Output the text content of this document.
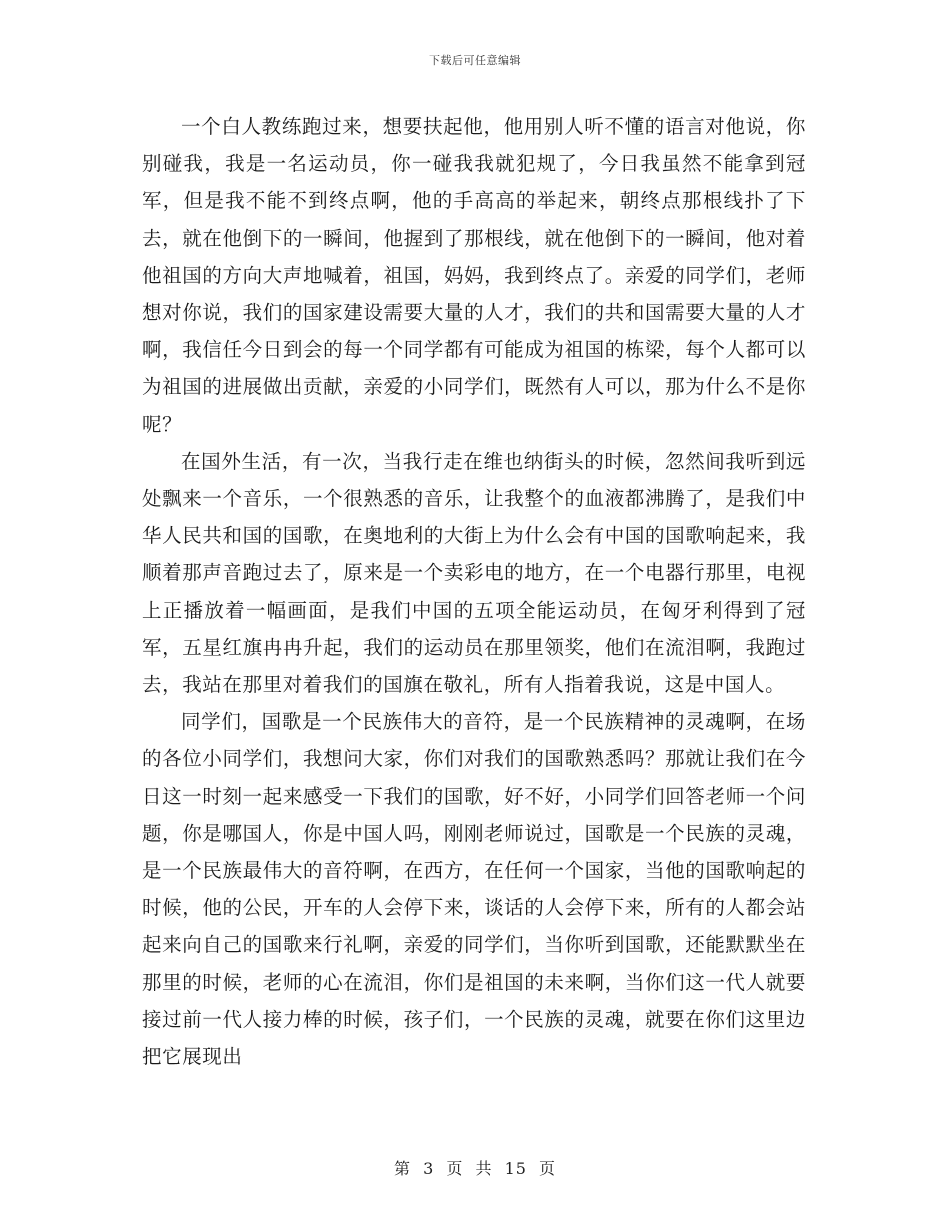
下载后可任意编辑

一个白人教练跑过来，想要扶起他，他用别人听不懂的语言对他说，你别碰我，我是一名运动员，你一碰我我就犯规了，今日我虽然不能拿到冠军，但是我不能不到终点啊，他的手高高的举起来，朝终点那根线扑了下去，就在他倒下的一瞬间，他握到了那根线，就在他倒下的一瞬间，他对着他祖国的方向大声地喊着，祖国，妈妈，我到终点了。亲爱的同学们，老师想对你说，我们的国家建设需要大量的人才，我们的共和国需要大量的人才啊，我信任今日到会的每一个同学都有可能成为祖国的栋梁，每个人都可以为祖国的进展做出贡献，亲爱的小同学们，既然有人可以，那为什么不是你呢？

在国外生活，有一次，当我行走在维也纳街头的时候，忽然间我听到远处飘来一个音乐，一个很熟悉的音乐，让我整个的血液都沸腾了，是我们中华人民共和国的国歌，在奥地利的大街上为什么会有中国的国歌响起来，我顺着那声音跑过去了，原来是一个卖彩电的地方，在一个电器行那里，电视上正播放着一幅画面，是我们中国的五项全能运动员，在匈牙利得到了冠军，五星红旗冉冉升起，我们的运动员在那里领奖，他们在流泪啊，我跑过去，我站在那里对着我们的国旗在敬礼，所有人指着我说，这是中国人。

同学们，国歌是一个民族伟大的音符，是一个民族精神的灵魂啊，在场的各位小同学们，我想问大家，你们对我们的国歌熟悉吗？那就让我们在今日这一时刻一起来感受一下我们的国歌，好不好，小同学们回答老师一个问题，你是哪国人，你是中国人吗，刚刚老师说过，国歌是一个民族的灵魂，是一个民族最伟大的音符啊，在西方，在任何一个国家，当他的国歌响起的时候，他的公民，开车的人会停下来，谈话的人会停下来，所有的人都会站起来向自己的国歌来行礼啊，亲爱的同学们，当你听到国歌，还能默默坐在那里的时候，老师的心在流泪，你们是祖国的未来啊，当你们这一代人就要接过前一代人接力棒的时候，孩子们，一个民族的灵魂，就要在你们这里边把它展现出

第 3 页 共 15 页
